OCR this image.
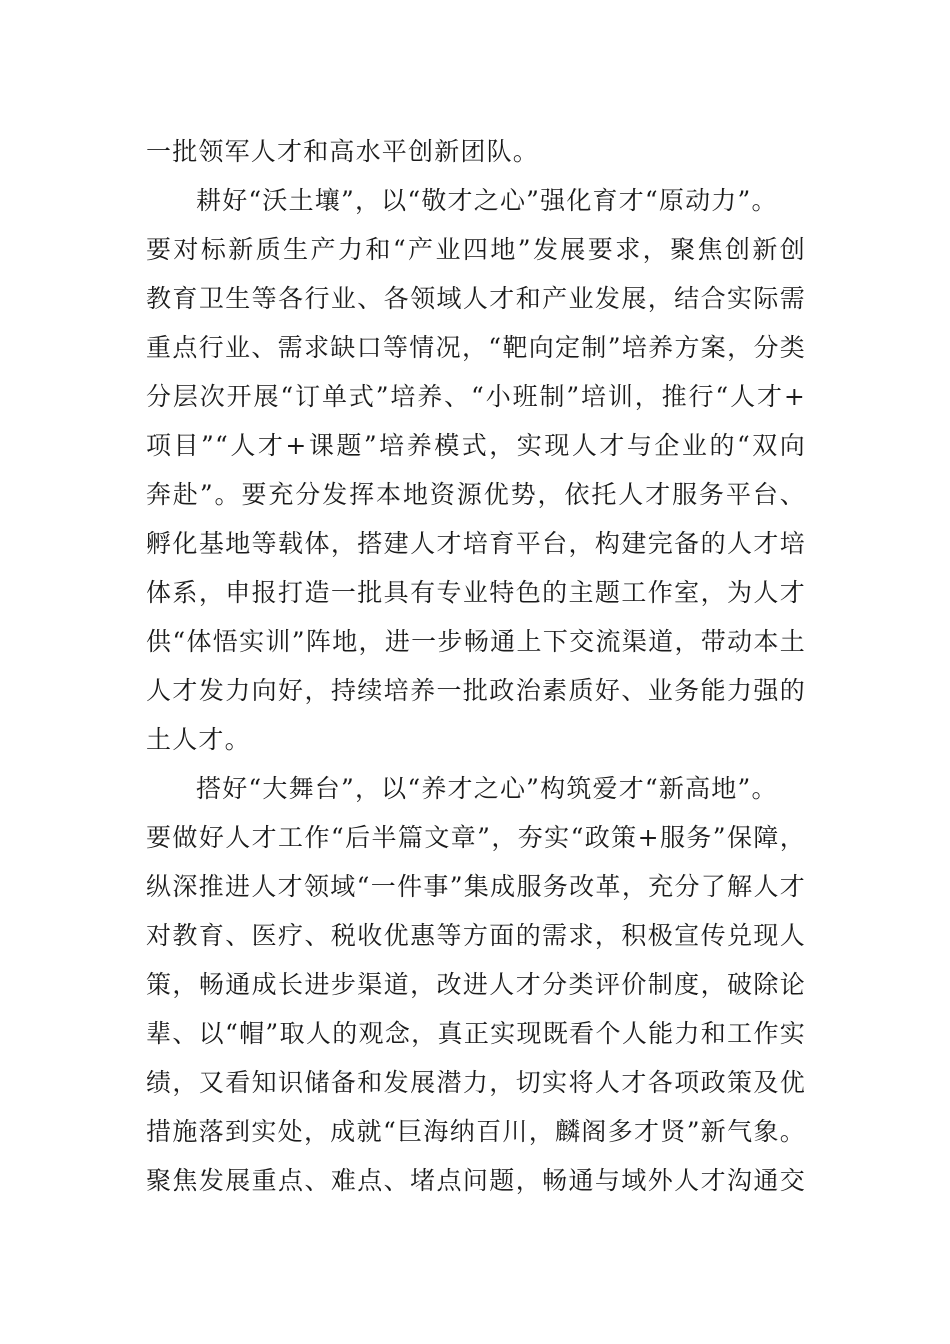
一批领军人才和高水平创新团队。
耕好“沃土壤”，以“敬才之心”强化育才“原动力”。
要对标新质生产力和“产业四地”发展要求，聚焦创新创
教育卫生等各行业、各领域人才和产业发展，结合实际需
重点行业、需求缺口等情况，“靶向定制”培养方案，分类
分层次开展“订单式”培养、“小班制”培训，推行“人才+
项目”“人才+课题”培养模式，实现人才与企业的“双向
奔赴”。要充分发挥本地资源优势，依托人才服务平台、
孵化基地等载体，搭建人才培育平台，构建完备的人才培
体系，申报打造一批具有专业特色的主题工作室，为人才
供“体悟实训”阵地，进一步畅通上下交流渠道，带动本土
人才发力向好，持续培养一批政治素质好、业务能力强的
土人才。
搭好“大舞台”，以“养才之心”构筑爱才“新高地”。
要做好人才工作“后半篇文章”，夯实“政策+服务”保障，
纵深推进人才领域“一件事”集成服务改革，充分了解人才
对教育、医疗、税收优惠等方面的需求，积极宣传兑现人
策，畅通成长进步渠道，改进人才分类评价制度，破除论
辈、以“帽”取人的观念，真正实现既看个人能力和工作实
绩，又看知识储备和发展潜力，切实将人才各项政策及优
措施落到实处，成就“巨海纳百川，麟阁多才贤”新气象。
聚焦发展重点、难点、堵点问题，畅通与域外人才沟通交
